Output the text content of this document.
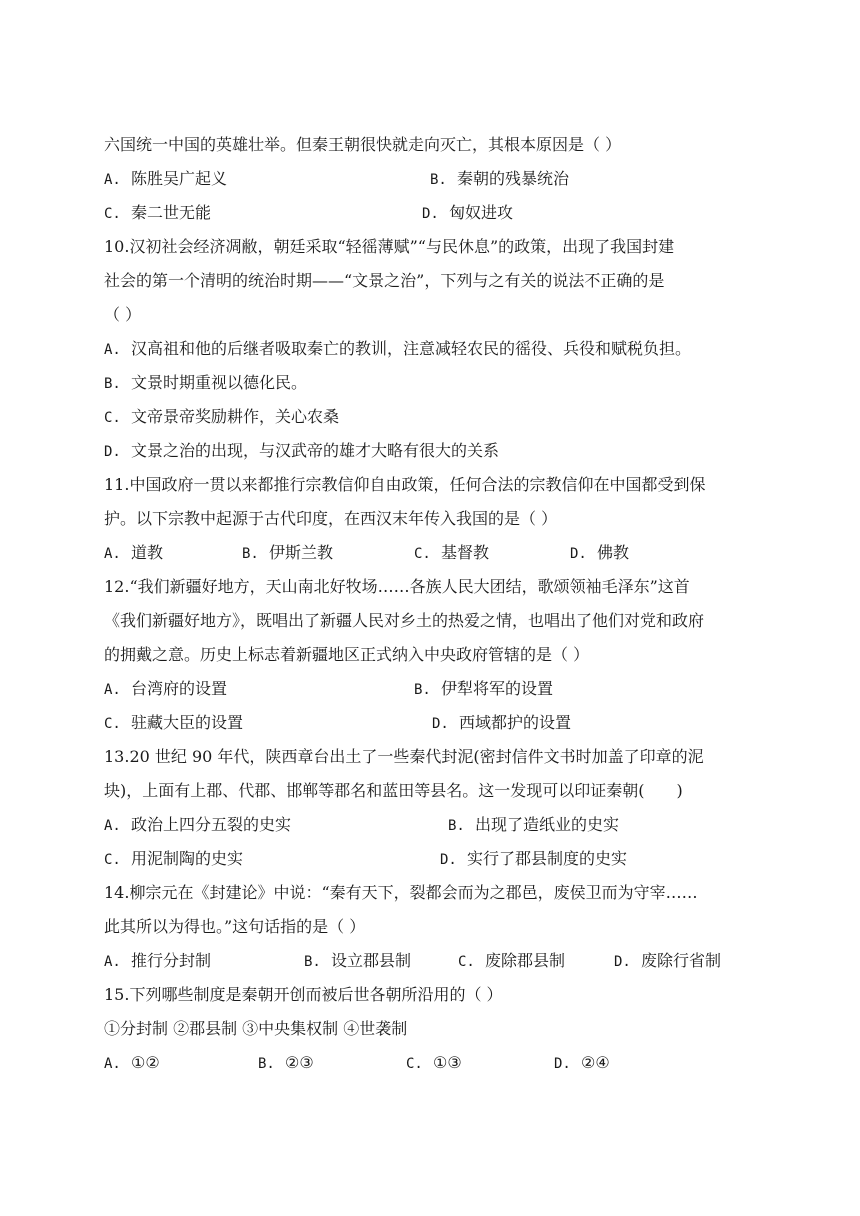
六国统一中国的英雄壮举。但秦王朝很快就走向灭亡，其根本原因是（ ）
A. 陈胜吴广起义	B. 秦朝的残暴统治
C. 秦二世无能	D. 匈奴进攻
10.汉初社会经济凋敝，朝廷采取“轻徭薄赋”“与民休息”的政策，出现了我国封建
社会的第一个清明的统治时期——“文景之治”，下列与之有关的说法不正确的是
（ ）
A. 汉高祖和他的后继者吸取秦亡的教训，注意减轻农民的徭役、兵役和赋税负担。
B. 文景时期重视以德化民。
C. 文帝景帝奖励耕作，关心农桑
D. 文景之治的出现，与汉武帝的雄才大略有很大的关系
11.中国政府一贯以来都推行宗教信仰自由政策，任何合法的宗教信仰在中国都受到保
护。以下宗教中起源于古代印度，在西汉末年传入我国的是（ ）
A. 道教	B. 伊斯兰教	C. 基督教	D. 佛教
12.“我们新疆好地方，天山南北好牧场……各族人民大团结，歌颂领袖毛泽东”这首
《我们新疆好地方》，既唱出了新疆人民对乡土的热爱之情，也唱出了他们对党和政府
的拥戴之意。历史上标志着新疆地区正式纳入中央政府管辖的是（ ）
A. 台湾府的设置	B. 伊犁将军的设置
C. 驻藏大臣的设置	D. 西域都护的设置
13.20 世纪 90 年代，陕西章台出土了一些秦代封泥(密封信件文书时加盖了印章的泥
块)，上面有上郡、代郡、邯郸等郡名和蓝田等县名。这一发现可以印证秦朝(　　)
A. 政治上四分五裂的史实	B. 出现了造纸业的史实
C. 用泥制陶的史实	D. 实行了郡县制度的史实
14.柳宗元在《封建论》中说：“秦有天下，裂都会而为之郡邑，废侯卫而为守宰……
此其所以为得也。”这句话指的是（ ）
A. 推行分封制	B. 设立郡县制	C. 废除郡县制	D. 废除行省制
15.下列哪些制度是秦朝开创而被后世各朝所沿用的（ ）
①分封制 ②郡县制 ③中央集权制 ④世袭制
A. ①②	B. ②③	C. ①③	D. ②④
